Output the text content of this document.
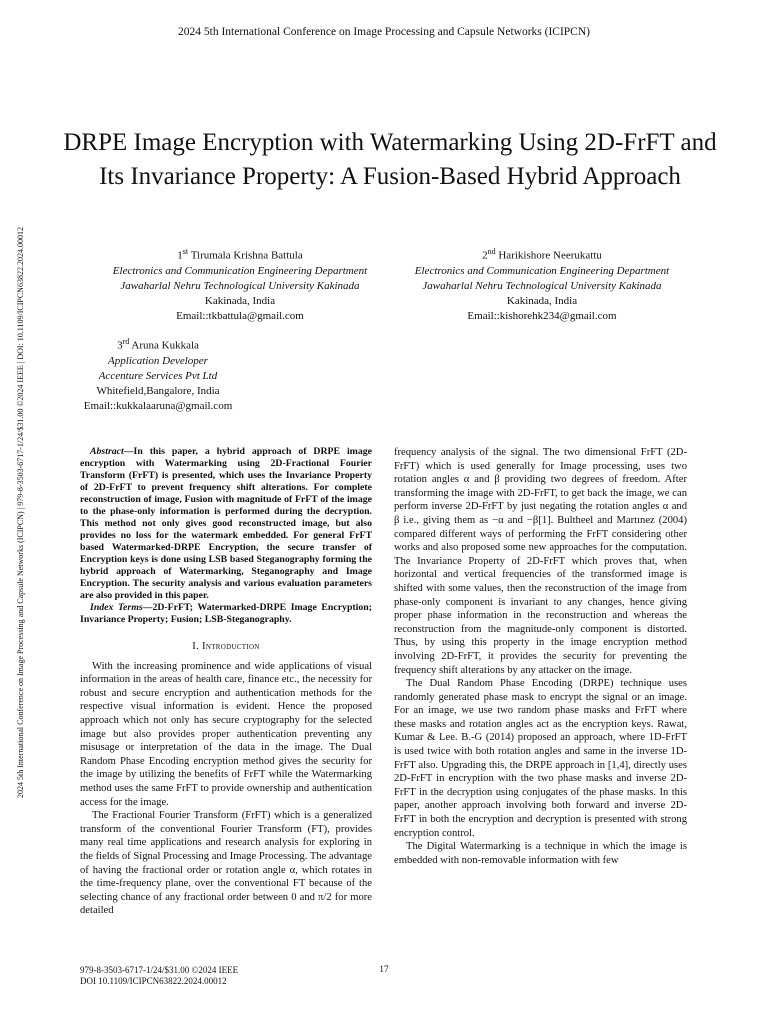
2024 5th International Conference on Image Processing and Capsule Networks (ICIPCN)
2024 5th International Conference on Image Processing and Capsule Networks (ICIPCN) | 979-8-3503-6717-1/24/$31.00 ©2024 IEEE | DOI: 10.1109/ICIPCN63822.2024.00012
DRPE Image Encryption with Watermarking Using 2D-FrFT and Its Invariance Property: A Fusion-Based Hybrid Approach
1st Tirumala Krishna Battula
Electronics and Communication Engineering Department
Jawaharlal Nehru Technological University Kakinada
Kakinada, India
Email::tkbattula@gmail.com
2nd Harikishore Neerukattu
Electronics and Communication Engineering Department
Jawaharlal Nehru Technological University Kakinada
Kakinada, India
Email::kishorehk234@gmail.com
3rd Aruna Kukkala
Application Developer
Accenture Services Pvt Ltd
Whitefield,Bangalore, India
Email::kukkalaaruna@gmail.com

Abstract—In this paper, a hybrid approach of DRPE image encryption with Watermarking using 2D-Fractional Fourier Transform (FrFT) is presented, which uses the Invariance Property of 2D-FrFT to prevent frequency shift alterations. For complete reconstruction of image, Fusion with magnitude of FrFT of the image to the phase-only information is performed during the decryption. This method not only gives good reconstructed image, but also provides no loss for the watermark embedded. For general FrFT based Watermarked-DRPE Encryption, the secure transfer of Encryption keys is done using LSB based Steganography forming the hybrid approach of Watermarking, Steganography and Image Encryption. The security analysis and various evaluation parameters are also provided in this paper.

Index Terms—2D-FrFT; Watermarked-DRPE Image Encryption; Invariance Property; Fusion; LSB-Steganography.

I. Introduction

With the increasing prominence and wide applications of visual information in the areas of health care, finance etc., the necessity for robust and secure encryption and authentication methods for the respective visual information is evident. Hence the proposed approach which not only has secure cryptography for the selected image but also provides proper authentication preventing any misusage or interpretation of the data in the image. The Dual Random Phase Encoding encryption method gives the security for the image by utilizing the benefits of FrFT while the Watermarking method uses the same FrFT to provide ownership and authentication access for the image.

The Fractional Fourier Transform (FrFT) which is a generalized transform of the conventional Fourier Transform (FT), provides many real time applications and research analysis for exploring in the fields of Signal Processing and Image Processing. The advantage of having the fractional order or rotation angle α, which rotates in the time-frequency plane, over the conventional FT because of the selecting chance of any fractional order between 0 and π/2 for more detailed

frequency analysis of the signal. The two dimensional FrFT (2D-FrFT) which is used generally for Image processing, uses two rotation angles α and β providing two degrees of freedom. After transforming the image with 2D-FrFT, to get back the image, we can perform inverse 2D-FrFT by just negating the rotation angles α and β i.e., giving them as −α and −β[1]. Bultheel and Martınez (2004) compared different ways of performing the FrFT considering other works and also proposed some new approaches for the computation. The Invariance Property of 2D-FrFT which proves that, when horizontal and vertical frequencies of the transformed image is shifted with some values, then the reconstruction of the image from phase-only component is invariant to any changes, hence giving proper phase information in the reconstruction and whereas the reconstruction from the magnitude-only component is distorted. Thus, by using this property in the image encryption method involving 2D-FrFT, it provides the security for preventing the frequency shift alterations by any attacker on the image.

The Dual Random Phase Encoding (DRPE) technique uses randomly generated phase mask to encrypt the signal or an image. For an image, we use two random phase masks and FrFT where these masks and rotation angles act as the encryption keys. Rawat, Kumar & Lee. B.-G (2014) proposed an approach, where 1D-FrFT is used twice with both rotation angles and same in the inverse 1D-FrFT also. Upgrading this, the DRPE approach in [1,4], directly uses 2D-FrFT in encryption with the two phase masks and inverse 2D-FrFT in the decryption using conjugates of the phase masks. In this paper, another approach involving both forward and inverse 2D-FrFT in both the encryption and decryption is presented with strong encryption control.

The Digital Watermarking is a technique in which the image is embedded with non-removable information with few

979-8-3503-6717-1/24/$31.00 ©2024 IEEE
DOI 10.1109/ICIPCN63822.2024.00012
17
